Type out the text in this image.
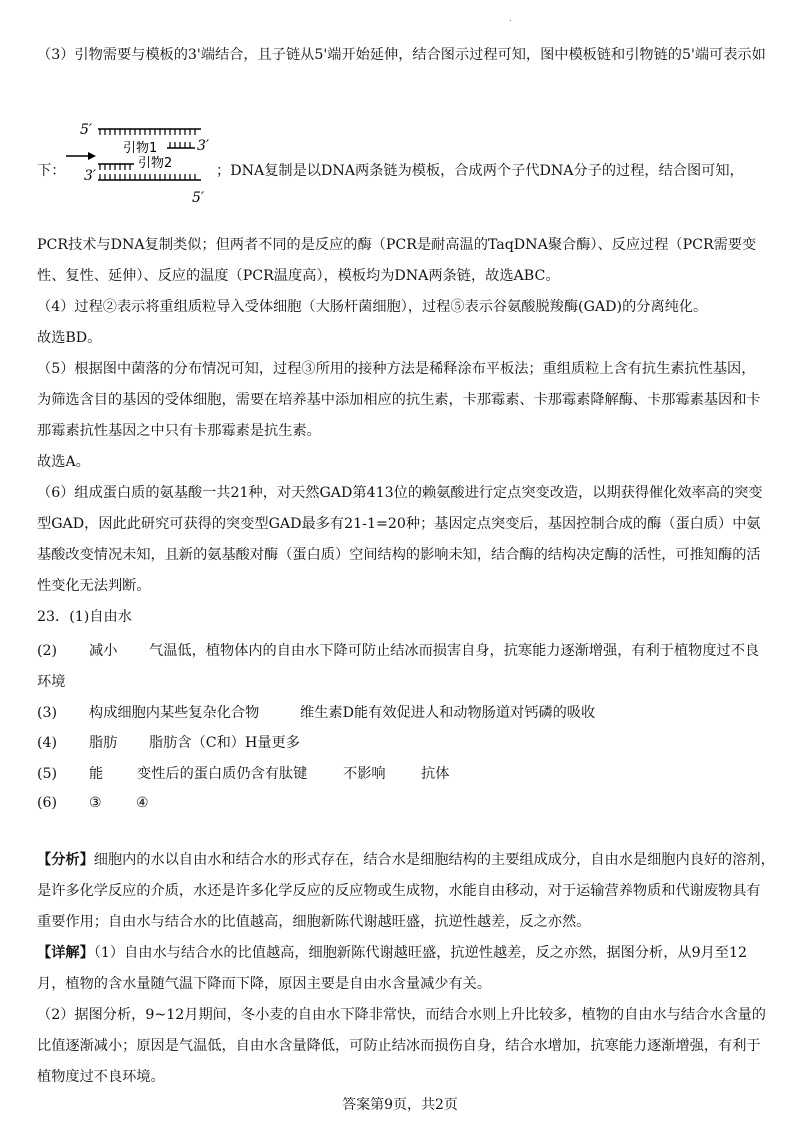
.
（3）引物需要与模板的3'端结合，且子链从5'端开始延伸，结合图示过程可知，图中模板链和引物链的5'端可表示如
5′
引物1	3′
引物2
3′
5′
下：	；DNA复制是以DNA两条链为模板，合成两个子代DNA分子的过程，结合图可知，
PCR技术与DNA复制类似；但两者不同的是反应的酶（PCR是耐高温的TaqDNA聚合酶）、反应过程（PCR需要变
性、复性、延伸）、反应的温度（PCR温度高），模板均为DNA两条链，故选ABC。
（4）过程②表示将重组质粒导入受体细胞（大肠杆菌细胞），过程⑤表示谷氨酸脱羧酶(GAD)的分离纯化。
故选BD。
（5）根据图中菌落的分布情况可知，过程③所用的接种方法是稀释涂布平板法；重组质粒上含有抗生素抗性基因，
为筛选含目的基因的受体细胞，需要在培养基中添加相应的抗生素，卡那霉素、卡那霉素降解酶、卡那霉素基因和卡
那霉素抗性基因之中只有卡那霉素是抗生素。
故选A。
（6）组成蛋白质的氨基酸一共21种，对天然GAD第413位的赖氨酸进行定点突变改造，以期获得催化效率高的突变
型GAD，因此此研究可获得的突变型GAD最多有21-1=20种；基因定点突变后，基因控制合成的酶（蛋白质）中氨
基酸改变情况未知，且新的氨基酸对酶（蛋白质）空间结构的影响未知，结合酶的结构决定酶的活性，可推知酶的活
性变化无法判断。
23．(1)自由水
(2) 减小 气温低，植物体内的自由水下降可防止结冰而损害自身，抗寒能力逐渐增强，有利于植物度过不良
环境
(3) 构成细胞内某些复杂化合物	维生素D能有效促进人和动物肠道对钙磷的吸收
(4) 脂肪 脂肪含（C和）H量更多
(5) 能 变性后的蛋白质仍含有肽键	不影响 抗体
(6) ③ ④
【分析】细胞内的水以自由水和结合水的形式存在，结合水是细胞结构的主要组成成分，自由水是细胞内良好的溶剂，
是许多化学反应的介质，水还是许多化学反应的反应物或生成物，水能自由移动，对于运输营养物质和代谢废物具有
重要作用；自由水与结合水的比值越高，细胞新陈代谢越旺盛，抗逆性越差，反之亦然。
【详解】（1）自由水与结合水的比值越高，细胞新陈代谢越旺盛，抗逆性越差，反之亦然，据图分析，从9月至12
月，植物的含水量随气温下降而下降，原因主要是自由水含量减少有关。
（2）据图分析，9~12月期间，冬小麦的自由水下降非常快，而结合水则上升比较多，植物的自由水与结合水含量的
比值逐渐减小；原因是气温低，自由水含量降低，可防止结冰而损伤自身，结合水增加，抗寒能力逐渐增强，有利于
植物度过不良环境。
答案第9页，共2页
